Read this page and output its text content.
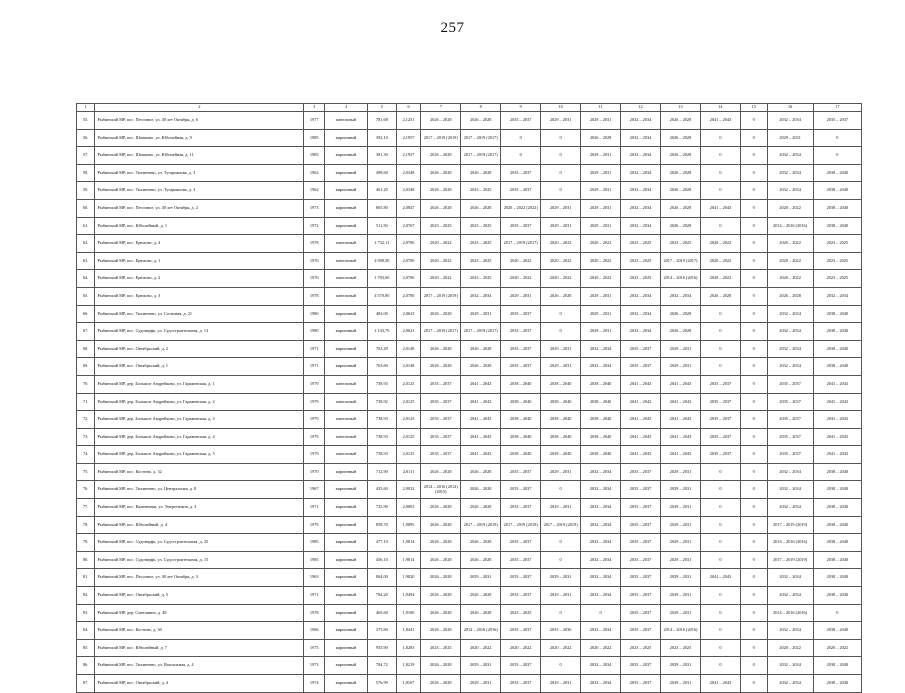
257
1	2	3	4	5	6	7	8	9	10	11	12	13	14	15	16	17
55.	Рыбинский МР, пос. Песочное, ул. 40 лет Октября, д. 6	1977	панельный	781,68	2,1251	2026 – 2028	2026 – 2028	2035 – 2037	2029 – 2031	2029 – 2031	2032 – 2034	2026 – 2028	2041 – 2043	0	2032 – 2034	2035 – 2037
56.	Рыбинский МР, пос. Шашково, ул. Юбилейная, д. 9	1985	кирпичный	392,10	2,1957	2017 – 2019 (2019)	2017 – 2019 (2017)	0	0	2026 – 2028	2032 – 2034	2026 – 2028	0	0	2029 – 2031	0
57.	Рыбинский МР, пос. Шашково, ул. Юбилейная, д. 11	1985	кирпичный	381,30	2,1957	2026 – 2028	2017 – 2019 (2017)	0	0	2029 – 2031	2032 – 2034	2026 – 2028	0	0	2032 – 2034	0
58.	Рыбинский МР, пос. Тихменево, ул. Тугарьянова, д. 3	1962	кирпичный	498,60	2,0348	2026 – 2028	2026 – 2028	2035 – 2037	0	2029 – 2031	2032 – 2034	2026 – 2028	0	0	2032 – 2034	2038 – 2040
59.	Рыбинский МР, пос. Тихменево, ул. Тугарьянова, д. 3	1962	кирпичный	461,20	2,0348	2026 – 2028	2023 – 2025	2035 – 2037	0	2029 – 2031	2032 – 2034	2026 – 2028	0	0	2032 – 2034	2038 – 2040
60.	Рыбинский МР, пос. Песочное, ул. 40 лет Октября, д. 2	1973	кирпичный	865,80	2,0847	2026 – 2028	2026 – 2028	2020 – 2022 (2022)	2029 – 2031	2029 – 2031	2032 – 2034	2026 – 2028	2041 – 2043	0	2020 – 2022	2038 – 2040
61.	Рыбинский МР, пос. Юбилейный, д. 1	1972	кирпичный	511,50	2,0767	2023 – 2025	2023 – 2025	2035 – 2037	2029 – 2031	2029 – 2031	2032 – 2034	2026 – 2028	0	0	2014 – 2016 (2016)	2038 – 2040
62.	Рыбинский МР, пос. Ерюхово, д. 4	1978	панельный	1 732,11	2,0700	2020 – 2022	2023 – 2025	2017 – 2019 (2017)	2020 – 2022	2020 – 2022	2023 – 2025	2023 – 2025	2020 – 2022	0	2020 – 2022	2023 – 2025
63.	Рыбинский МР, пос. Ерюхово, д. 1	1976	панельный	4 908,30	2,0700	2020 – 2022	2023 – 2025	2020 – 2022	2020 – 2022	2020 – 2022	2023 – 2025	2017 – 2019 (2017)	2020 – 2022	0	2020 – 2022	2023 – 2025
64.	Рыбинский МР, пос. Ерюхово, д. 2	1976	панельный	1 783,60	2,0700	2020 – 2022	2023 – 2025	2020 – 2022	2020 – 2022	2020 – 2022	2023 – 2025	2014 – 2016 (2016)	2020 – 2022	0	2020 – 2022	2023 – 2025
65.	Рыбинский МР, пос. Ерюхово, д. 3	1978	панельный	4 570,80	2,0700	2017 – 2019 (2019)	2032 – 2034	2029 – 2031	2026 – 2028	2029 – 2031	2032 – 2034	2032 – 2034	2026 – 2028	0	2026 – 2028	2032 – 2034
66.	Рыбинский МР, пос. Тихменево, ул. Сосновая, д. 21	1980	кирпичный	482,00	2,0623	2026 – 2028	2029 – 2031	2035 – 2037	0	2029 – 2031	2032 – 2034	2026 – 2028	0	0	2032 – 2034	2038 – 2040
67.	Рыбинский МР, пос. Судоверфь, ул. Судостроительная, д. 13	1980	кирпичный	1 143,70	2,0621	2017 – 2019 (2017)	2017 – 2019 (2017)	2035 – 2037	0	2029 – 2031	2032 – 2034	2026 – 2028	0	0	2032 – 2034	2038 – 2040
68.	Рыбинский МР, пос. Октябрьский, д. 2	1971	кирпичный	763,49	2,0148	2026 – 2028	2026 – 2028	2035 – 2037	2029 – 2031	2032 – 2034	2035 – 2037	2029 – 2031	0	0	2032 – 2034	2038 – 2040
69.	Рыбинский МР, пос. Октябрьский, д. 1	1971	кирпичный	763,60	2,0148	2026 – 2028	2026 – 2028	2035 – 2037	2029 – 2031	2032 – 2034	2035 – 2037	2029 – 2031	0	0	2032 – 2034	2038 – 2040
70.	Рыбинский МР, дер. Большое Андрейково, ул. Гаражевская, д. 1	1979	панельный	738,93	2,0125	2035 – 2037	2041 – 2043	2038 – 2040	2038 – 2040	2038 – 2040	2041 – 2043	2041 – 2043	2035 – 2037	0	2035 – 2037	2041 – 2043
71.	Рыбинский МР, дер. Большое Андрейково, ул. Гаражевская, д. 2	1979	панельный	738,92	2,0125	2035 – 2037	2041 – 2043	2038 – 2040	2038 – 2040	2038 – 2040	2041 – 2043	2041 – 2043	2035 – 2037	0	2035 – 2037	2041 – 2043
72.	Рыбинский МР, дер. Большое Андрейково, ул. Гаражевская, д. 3	1979	панельный	738,93	2,0125	2035 – 2037	2041 – 2043	2038 – 2040	2038 – 2040	2038 – 2040	2041 – 2043	2041 – 2043	2035 – 2037	0	2035 – 2037	2041 – 2043
73.	Рыбинский МР, дер. Большое Андрейково, ул. Гаражевская, д. 4	1979	панельный	738,93	2,0125	2035 – 2037	2041 – 2043	2038 – 2040	2038 – 2040	2038 – 2040	2041 – 2043	2041 – 2043	2035 – 2037	0	2035 – 2037	2041 – 2043
74.	Рыбинский МР, дер. Большое Андрейково, ул. Гаражевская, д. 5	1979	панельный	738,93	2,0125	2035 – 2037	2041 – 2043	2038 – 2040	2038 – 2040	2038 – 2040	2041 – 2043	2041 – 2043	2035 – 2037	0	2035 – 2037	2041 – 2043
75.	Рыбинский МР, пос. Костино, д. 32	1970	кирпичный	712,90	2,0111	2026 – 2028	2026 – 2028	2035 – 2037	2029 – 2031	2032 – 2034	2035 – 2037	2029 – 2031	0	0	2032 – 2034	2038 – 2040
76.	Рыбинский МР, пос. Тихменево, ул. Центральная, д. 8	1967	кирпичный	435,60	2,0032	2014 – 2016 (2014)(2015)	2026 – 2028	2035 – 2037	0	2032 – 2034	2035 – 2037	2029 – 2031	0	0	2032 – 2034	2038 – 2040
77.	Рыбинский МР, пос. Каменники, ул. Энергетиков, д. 3	1971	кирпичный	725,90	2,0003	2026 – 2028	2026 – 2028	2035 – 2037	2029 – 2031	2032 – 2034	2035 – 2037	2029 – 2031	0	0	2032 – 2034	2038 – 2040
78.	Рыбинский МР, пос. Юбилейный, д. 4	1979	кирпичный	858,70	1,9895	2026 – 2028	2017 – 2019 (2019)	2017 – 2019 (2019)	2017 – 2019 (2019)	2032 – 2034	2035 – 2037	2029 – 2031	0	0	2017 – 2019 (2019)	2038 – 2040
79.	Рыбинский МР, пос. Судоверфь, ул. Судостроительная, д. 25	1985	кирпичный	477,10	1,9814	2026 – 2028	2026 – 2028	2035 – 2037	0	2032 – 2034	2035 – 2037	2029 – 2031	0	0	2014 – 2016 (2016)	2038 – 2040
80.	Рыбинский МР, пос. Судоверфь, ул. Судостроительная, д. 15	1985	кирпичный	456,10	1,9814	2026 – 2028	2026 – 2028	2035 – 2037	0	2032 – 2034	2035 – 2037	2029 – 2031	0	0	2017 – 2019 (2019)	2038 – 2040
81.	Рыбинский МР, пос. Песочное, ул. 40 лет Октября, д. 3	1963	кирпичный	864,00	1,9820	2026 – 2028	2029 – 2031	2035 – 2037	2029 – 2031	2032 – 2034	2035 – 2037	2029 – 2031	2041 – 2043	0	2032 – 2034	2038 – 2040
82.	Рыбинский МР, пос. Октябрьский, д. 5	1971	кирпичный	784,20	1,9494	2026 – 2028	2026 – 2028	2035 – 2037	2029 – 2031	2032 – 2034	2035 – 2037	2029 – 2031	0	0	2032 – 2034	2038 – 2040
83.	Рыбинский МР, дер. Сметанино, д. 48	1978	кирпичный	465,60	1,9100	2026 – 2028	2026 – 2028	2023 – 2025	0	0	2035 – 2037	2029 – 2031	0	0	2014 – 2016 (2016)	0
84.	Рыбинский МР, пос. Костино, д. 30	1966	кирпичный	375,60	1,8441	2026 – 2028	2014 – 2016 (2016)	2035 – 2037	2035 – 2036	2032 – 2034	2035 – 2037	2014 – 2016 (2016)	0	0	2032 – 2034	2038 – 2040
85.	Рыбинский МР, пос. Юбилейный, д. 7	1975	кирпичный	955,90	1,8283	2023 – 2025	2020 – 2022	2020 – 2022	2020 – 2022	2020 – 2022	2023 – 2025	2023 – 2025	0	0	2020 – 2022	2020 – 2022
86.	Рыбинский МР, пос. Тихменево, ул. Вокзальная, д. 4	1973	кирпичный	784,72	1,8219	2026 – 2028	2029 – 2031	2035 – 2037	0	2032 – 2034	2035 – 2037	2029 – 2031	0	0	2032 – 2034	2038 – 2040
87.	Рыбинский МР, пос. Октябрьский, д. 4	1974	кирпичный	576,99	1,8167	2026 – 2028	2029 – 2031	2035 – 2037	2029 – 2031	2032 – 2034	2035 – 2037	2029 – 2031	2041 – 2043	0	2032 – 2034	2038 – 2040
